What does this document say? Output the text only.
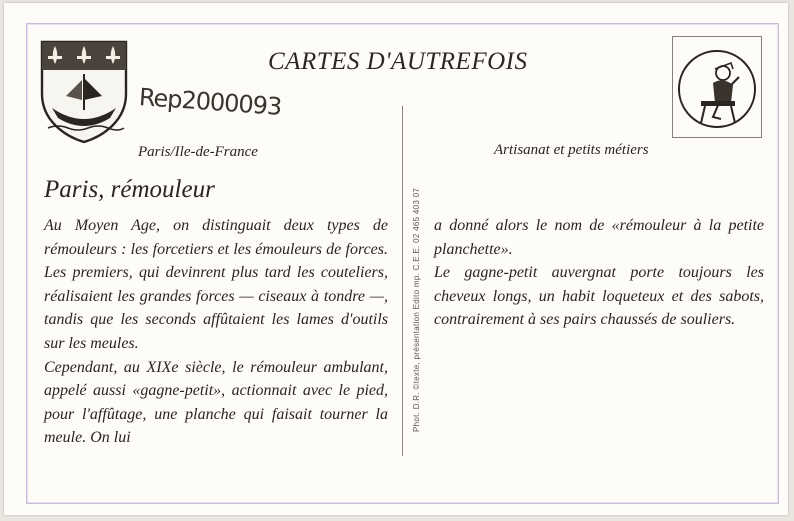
CARTES D'AUTREFOIS
Rep2000093
Paris/Ile-de-France	Artisanat et petits métiers
Paris, rémouleur

Au Moyen Age, on distinguait deux types de rémouleurs : les forcetiers et les émouleurs de forces. Les premiers, qui devinrent plus tard les couteliers, réalisaient les grandes forces — ciseaux à tondre —, tandis que les seconds affûtaient les lames d'outils sur les meules.

Cependant, au XIXe siècle, le rémouleur ambulant, appelé aussi «gagne-petit», actionnait avec le pied, pour l'affûtage, une planche qui faisait tourner la meule. On lui

Phot. D.R. ©texte, présentation Edito mp. C.E.E. 02 465 403 07 a donné alors le nom de «rémouleur à la petite planchette».

Le gagne-petit auvergnat porte toujours les cheveux longs, un habit loqueteux et des sabots, contrairement à ses pairs chaussés de souliers.
